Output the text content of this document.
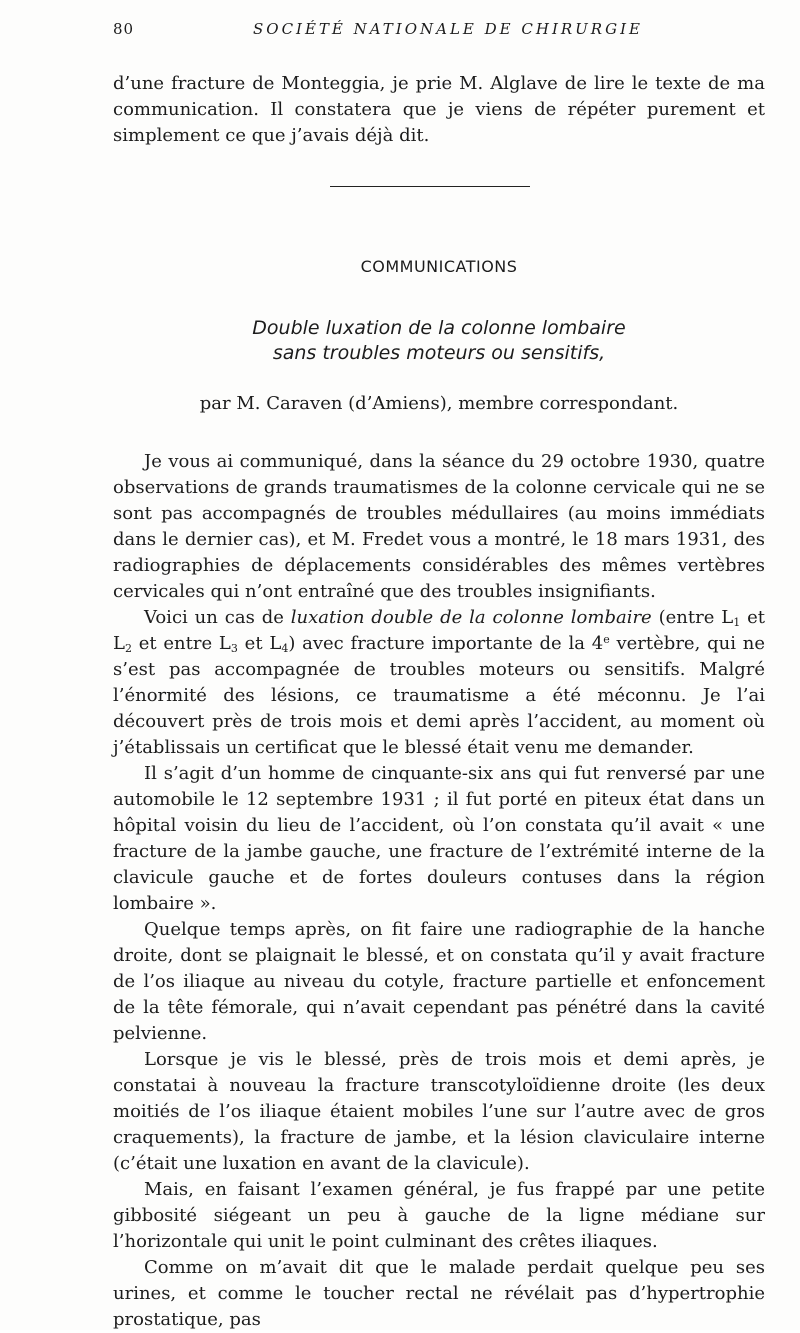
80	SOCIÉTÉ NATIONALE DE CHIRURGIE

d’une fracture de Monteggia, je prie M. Alglave de lire le texte de ma communication. Il constatera que je viens de répéter purement et simplement ce que j’avais déjà dit.

COMMUNICATIONS
Double luxation de la colonne lombaire
sans troubles moteurs ou sensitifs,
par M. Caraven (d’Amiens), membre correspondant.

Je vous ai communiqué, dans la séance du 29 octobre 1930, quatre observations de grands traumatismes de la colonne cervicale qui ne se sont pas accompagnés de troubles médullaires (au moins immédiats dans le dernier cas), et M. Fredet vous a montré, le 18 mars 1931, des radiographies de déplacements considérables des mêmes vertèbres cervicales qui n’ont entraîné que des troubles insignifiants.

Voici un cas de luxation double de la colonne lombaire (entre $L_1$ et $L_2$ et entre $L_3$ et $L_4$) avec fracture importante de la 4e vertèbre, qui ne s’est pas accompagnée de troubles moteurs ou sensitifs. Malgré l’énormité des lésions, ce traumatisme a été méconnu. Je l’ai découvert près de trois mois et demi après l’accident, au moment où j’établissais un certificat que le blessé était venu me demander.

Il s’agit d’un homme de cinquante-six ans qui fut renversé par une automobile le 12 septembre 1931 ; il fut porté en piteux état dans un hôpital voisin du lieu de l’accident, où l’on constata qu’il avait « une fracture de la jambe gauche, une fracture de l’extrémité interne de la clavicule gauche et de fortes douleurs contuses dans la région lombaire ».

Quelque temps après, on fit faire une radiographie de la hanche droite, dont se plaignait le blessé, et on constata qu’il y avait fracture de l’os iliaque au niveau du cotyle, fracture partielle et enfoncement de la tête fémorale, qui n’avait cependant pas pénétré dans la cavité pelvienne.

Lorsque je vis le blessé, près de trois mois et demi après, je constatai à nouveau la fracture transcotyloïdienne droite (les deux moitiés de l’os iliaque étaient mobiles l’une sur l’autre avec de gros craquements), la fracture de jambe, et la lésion claviculaire interne (c’était une luxation en avant de la clavicule).

Mais, en faisant l’examen général, je fus frappé par une petite gibbosité siégeant un peu à gauche de la ligne médiane sur l’horizontale qui unit le point culminant des crêtes iliaques.

Comme on m’avait dit que le malade perdait quelque peu ses urines, et comme le toucher rectal ne révélait pas d’hypertrophie prostatique, pas
